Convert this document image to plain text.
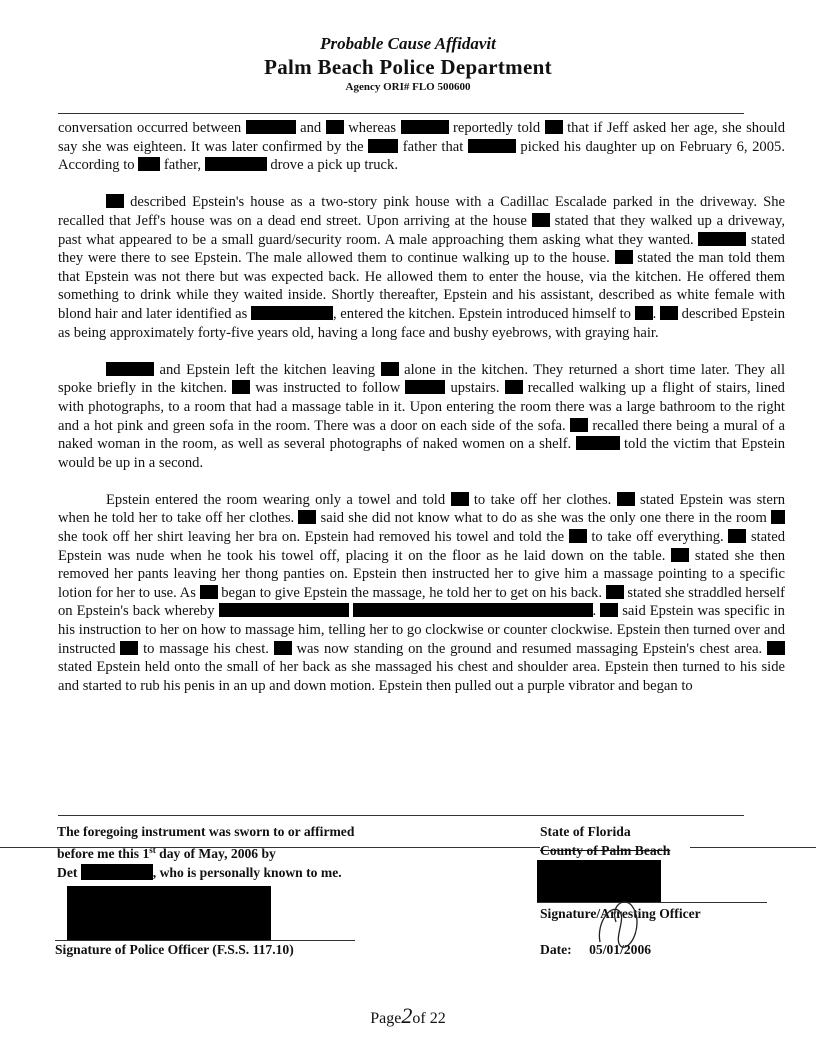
Probable Cause Affidavit
Palm Beach Police Department
Agency ORI# FLO 500600

conversation occurred between	and whereas	reportedly told that if Jeff asked her age, she should say she was eighteen. It was later confirmed by the	father that	picked his daughter up on February 6, 2005. According to father,	drove a pick up truck.

described Epstein's house as a two-story pink house with a Cadillac Escalade parked in the driveway. She recalled that Jeff's house was on a dead end street. Upon arriving at the house stated that they walked up a driveway, past what appeared to be a small guard/security room. A male approaching them asking what they wanted.	stated they were there to see Epstein. The male allowed them to continue walking up to the house. stated the man told them that Epstein was not there but was expected back. He allowed them to enter the house, via the kitchen. He offered them something to drink while they waited inside. Shortly thereafter, Epstein and his assistant, described as white female with blond hair and later identified as	, entered the kitchen. Epstein introduced himself to . described Epstein as being approximately forty-five years old, having a long face and bushy eyebrows, with graying hair.

and Epstein left the kitchen leaving alone in the kitchen. They returned a short time later. They all spoke briefly in the kitchen. was instructed to follow	upstairs. recalled walking up a flight of stairs, lined with photographs, to a room that had a massage table in it. Upon entering the room there was a large bathroom to the right and a hot pink and green sofa in the room. There was a door on each side of the sofa. recalled there being a mural of a naked woman in the room, as well as several photographs of naked women on a shelf.	told the victim that Epstein would be up in a second.

Epstein entered the room wearing only a towel and told to take off her clothes. stated Epstein was stern when he told her to take off her clothes. said she did not know what to do as she was the only one there in the room  she took off her shirt leaving her bra on. Epstein had removed his towel and told the to take off everything. stated Epstein was nude when he took his towel off, placing it on the floor as he laid down on the table. stated she then removed her pants leaving her thong panties on. Epstein then instructed her to give him a massage pointing to a specific lotion for her to use. As began to give Epstein the massage, he told her to get on his back. stated she straddled herself on Epstein's back whereby	. said Epstein was specific in his instruction to her on how to massage him, telling her to go clockwise or counter clockwise. Epstein then turned over and instructed to massage his chest. was now standing on the ground and resumed massaging Epstein's chest area.  stated Epstein held onto the small of her back as she massaged his chest and shoulder area. Epstein then turned to his side and started to rub his penis in an up and down motion. Epstein then pulled out a purple vibrator and began to

The foregoing instrument was sworn to or affirmed
before me this 1st day of May, 2006 by
Det	, who is personally known to me.
Signature of Police Officer (F.S.S. 117.10)
State of Florida
County of Palm Beach
Signature/Arresting Officer
Date: 05/01/2006
Page2of 22
